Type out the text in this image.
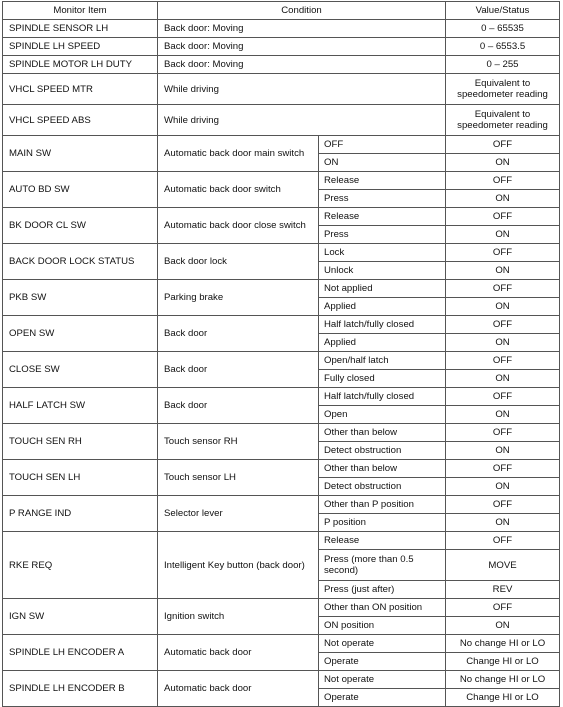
Monitor Item	Condition		Value/Status
SPINDLE SENSOR LH	Back door: Moving		0 – 65535
SPINDLE LH SPEED	Back door: Moving		0 – 6553.5
SPINDLE MOTOR LH DUTY	Back door: Moving		0 – 255
VHCL SPEED MTR	While driving		Equivalent to speedometer reading
VHCL SPEED ABS	While driving		Equivalent to speedometer reading
MAIN SW	Automatic back door main switch	OFF	OFF
		ON	ON
AUTO BD SW	Automatic back door switch	Release	OFF
		Press	ON
BK DOOR CL SW	Automatic back door close switch	Release	OFF
		Press	ON
BACK DOOR LOCK STATUS	Back door lock	Lock	OFF
		Unlock	ON
PKB SW	Parking brake	Not applied	OFF
		Applied	ON
OPEN SW	Back door	Half latch/fully closed	OFF
		Applied	ON
CLOSE SW	Back door	Open/half latch	OFF
		Fully closed	ON
HALF LATCH SW	Back door	Half latch/fully closed	OFF
		Open	ON
TOUCH SEN RH	Touch sensor RH	Other than below	OFF
		Detect obstruction	ON
TOUCH SEN LH	Touch sensor LH	Other than below	OFF
		Detect obstruction	ON
P RANGE IND	Selector lever	Other than P position	OFF
		P position	ON
RKE REQ	Intelligent Key button (back door)	Release	OFF
		Press (more than 0.5 second)	MOVE
		Press (just after)	REV
IGN SW	Ignition switch	Other than ON position	OFF
		ON position	ON
SPINDLE LH ENCODER A	Automatic back door	Not operate	No change HI or LO
		Operate	Change HI or LO
SPINDLE LH ENCODER B	Automatic back door	Not operate	No change HI or LO
		Operate	Change HI or LO
